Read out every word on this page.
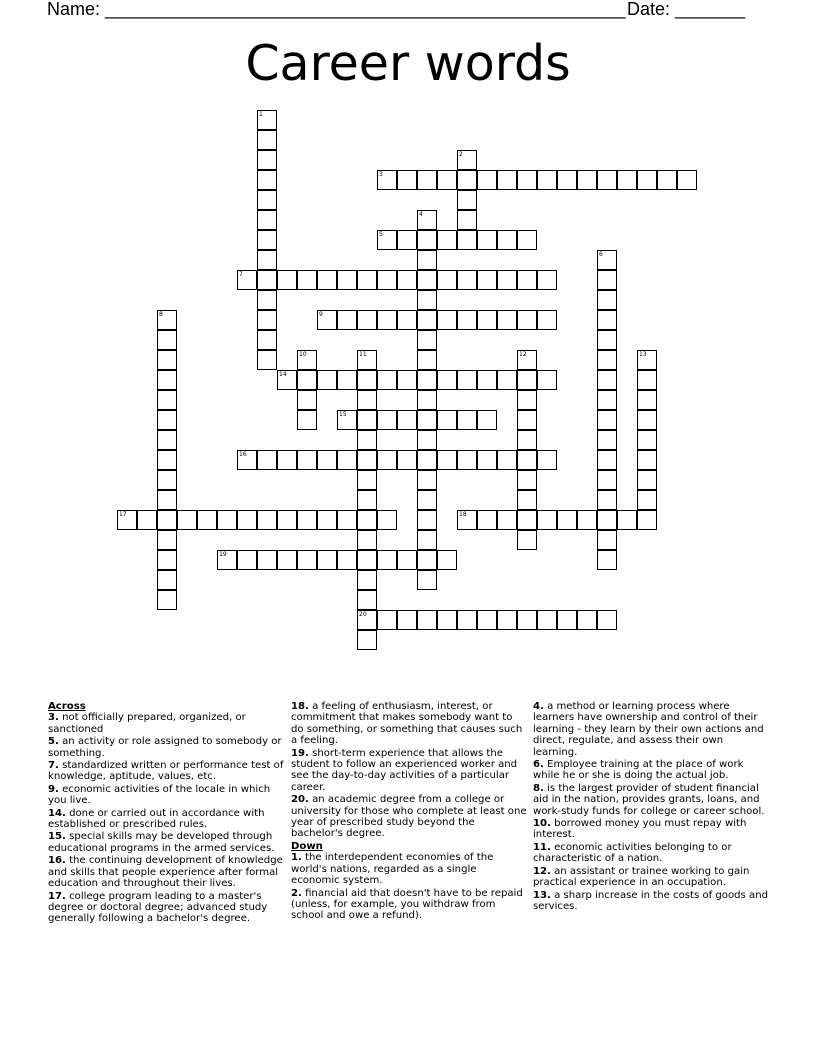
Name: ____________________________________________________ Date: _______
Career words
1
2
3
4
5
6
7
8	9
10	11
20
12	13
14
15
16
17	18
19
Across
3. not officially prepared, organized, or sanctioned
5. an activity or role assigned to somebody or something.
7. standardized written or performance test of knowledge, aptitude, values, etc.
9. economic activities of the locale in which you live.
14. done or carried out in accordance with established or prescribed rules.
15. special skills may be developed through educational programs in the armed services.
16. the continuing development of knowledge and skills that people experience after formal education and throughout their lives.
17. college program leading to a master's degree or doctoral degree; advanced study generally following a bachelor's degree.
18. a feeling of enthusiasm, interest, or commitment that makes somebody want to do something, or something that causes such a feeling.
19. short-term experience that allows the student to follow an experienced worker and see the day-to-day activities of a particular career.
20. an academic degree from a college or university for those who complete at least one year of prescribed study beyond the bachelor's degree.
Down
1. the interdependent economies of the world's nations, regarded as a single economic system.
2. financial aid that doesn't have to be repaid (unless, for example, you withdraw from school and owe a refund).
4. a method or learning process where learners have ownership and control of their learning - they learn by their own actions and direct, regulate, and assess their own learning.
6. Employee training at the place of work while he or she is doing the actual job.
8. is the largest provider of student financial aid in the nation, provides grants, loans, and work-study funds for college or career school.
10. borrowed money you must repay with interest.
11. economic activities belonging to or characteristic of a nation.
12. an assistant or trainee working to gain practical experience in an occupation.
13. a sharp increase in the costs of goods and services.
